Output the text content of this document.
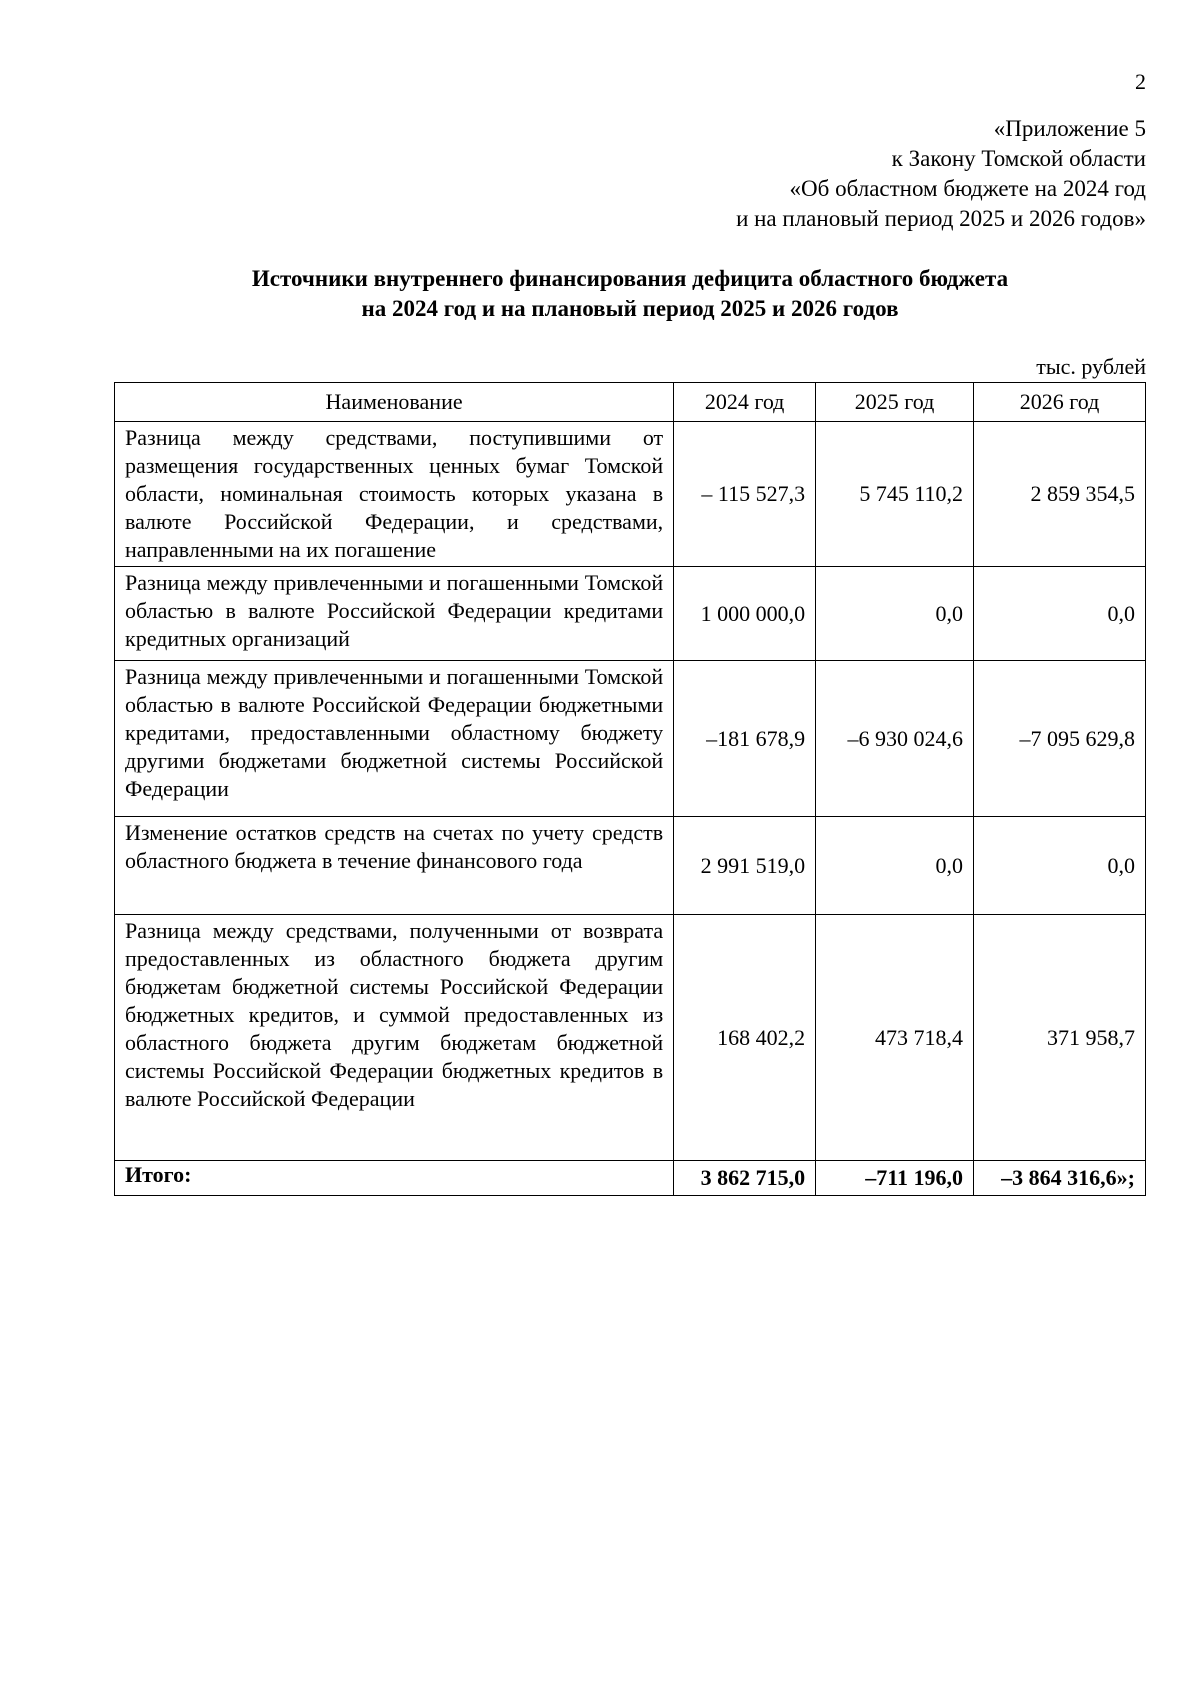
2
«Приложение 5
к Закону Томской области
«Об областном бюджете на 2024 год
и на плановый период 2025 и 2026 годов»
Источники внутреннего финансирования дефицита областного бюджета
на 2024 год и на плановый период 2025 и 2026 годов
тыс. рублей
Наименование	2024 год	2025 год	2026 год
Разница между средствами, поступившими от размещения государственных ценных бумаг Томской области, номинальная стоимость которых указана в валюте Российской Федерации, и средствами, направленными на их погашение	– 115 527,3	5 745 110,2	2 859 354,5
Разница между привлеченными и погашенными Томской областью в валюте Российской Федерации кредитами кредитных организаций	1 000 000,0	0,0	0,0
Разница между привлеченными и погашенными Томской областью в валюте Российской Федерации бюджетными кредитами, предоставленными областному бюджету другими бюджетами бюджетной системы Российской Федерации	–181 678,9	–6 930 024,6	–7 095 629,8
Изменение остатков средств на счетах по учету средств областного бюджета в течение финансового года	2 991 519,0	0,0	0,0
Разница между средствами, полученными от возврата предоставленных из областного бюджета другим бюджетам бюджетной системы Российской Федерации бюджетных кредитов, и суммой предоставленных из областного бюджета другим бюджетам бюджетной системы Российской Федерации бюджетных кредитов в валюте Российской Федерации	168 402,2	473 718,4	371 958,7
Итого:	3 862 715,0	–711 196,0	–3 864 316,6»;
